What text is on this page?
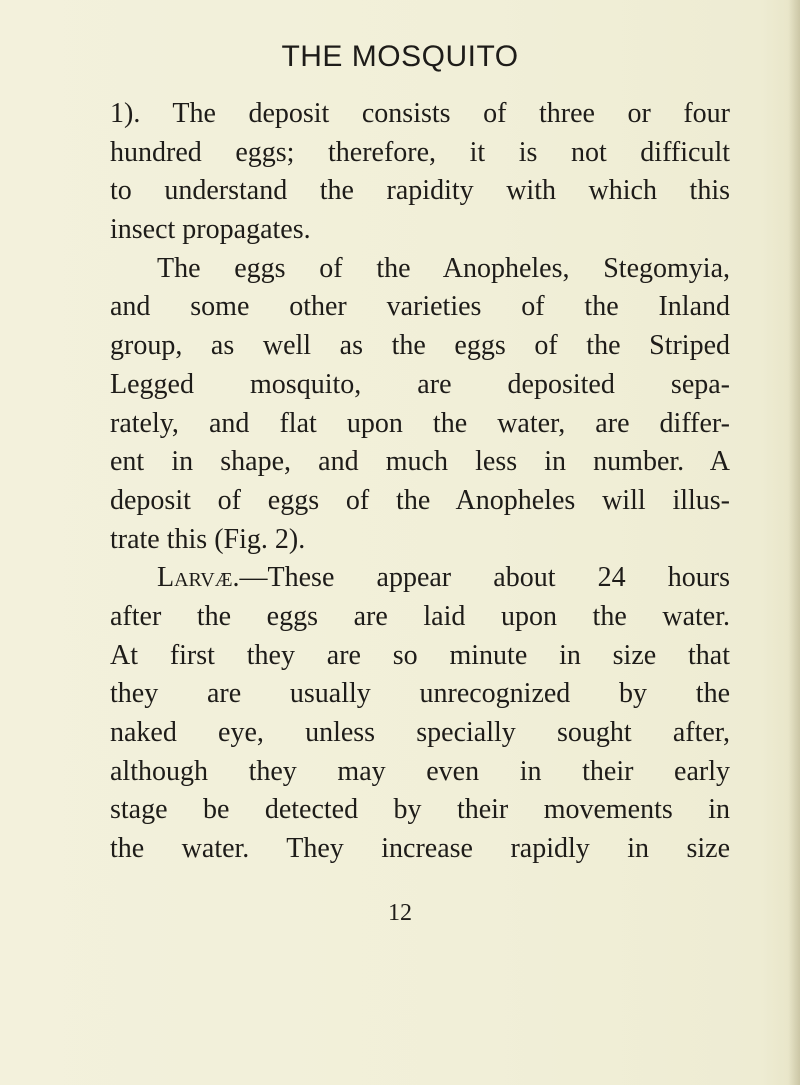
THE MOSQUITO
1). The deposit consists of three or four
hundred eggs; therefore, it is not difficult
to understand the rapidity with which this
insect propagates.
The eggs of the Anopheles, Stegomyia,
and some other varieties of the Inland
group, as well as the eggs of the Striped
Legged mosquito, are deposited sepa-
rately, and flat upon the water, are differ-
ent in shape, and much less in number. A
deposit of eggs of the Anopheles will illus-
trate this (Fig. 2).
Larvæ.—These appear about 24 hours
after the eggs are laid upon the water.
At first they are so minute in size that
they are usually unrecognized by the
naked eye, unless specially sought after,
although they may even in their early
stage be detected by their movements in
the water. They increase rapidly in size

12
